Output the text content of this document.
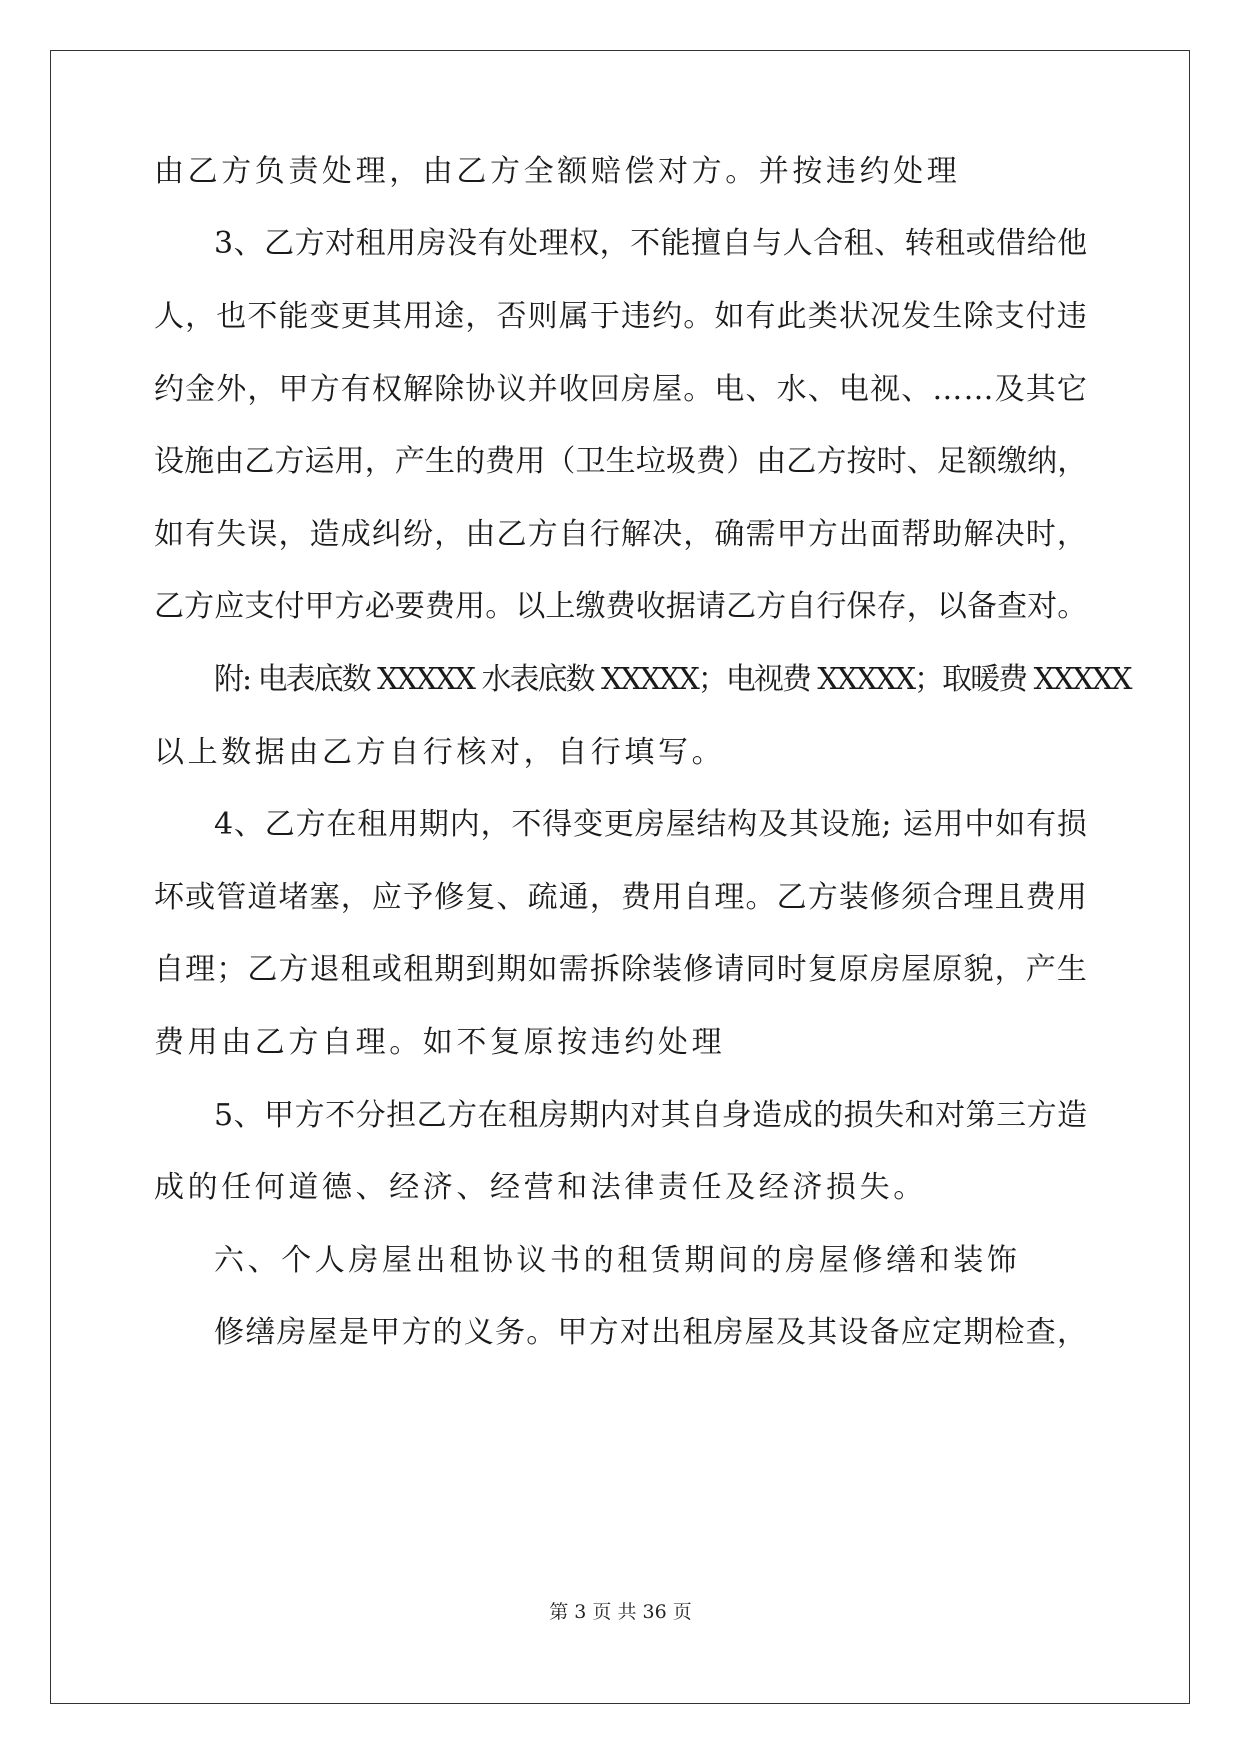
由乙方负责处理，由乙方全额赔偿对方。并按违约处理
3、乙方对租用房没有处理权，不能擅自与人合租、转租或借给他
人，也不能变更其用途，否则属于违约。如有此类状况发生除支付违
约金外，甲方有权解除协议并收回房屋。电、水、电视、……及其它
设施由乙方运用，产生的费用（卫生垃圾费）由乙方按时、足额缴纳，
如有失误，造成纠纷，由乙方自行解决，确需甲方出面帮助解决时，
乙方应支付甲方必要费用。以上缴费收据请乙方自行保存，以备查对。
附: 电表底数 XXXXX 水表底数 XXXXX；电视费 XXXXX；取暖费 XXXXX
以上数据由乙方自行核对，自行填写。
4、乙方在租用期内，不得变更房屋结构及其设施; 运用中如有损
坏或管道堵塞，应予修复、疏通，费用自理。乙方装修须合理且费用
自理；乙方退租或租期到期如需拆除装修请同时复原房屋原貌，产生
费用由乙方自理。如不复原按违约处理
5、甲方不分担乙方在租房期内对其自身造成的损失和对第三方造
成的任何道德、经济、经营和法律责任及经济损失。
六、个人房屋出租协议书的租赁期间的房屋修缮和装饰
修缮房屋是甲方的义务。甲方对出租房屋及其设备应定期检查，
第 3 页 共 36 页
